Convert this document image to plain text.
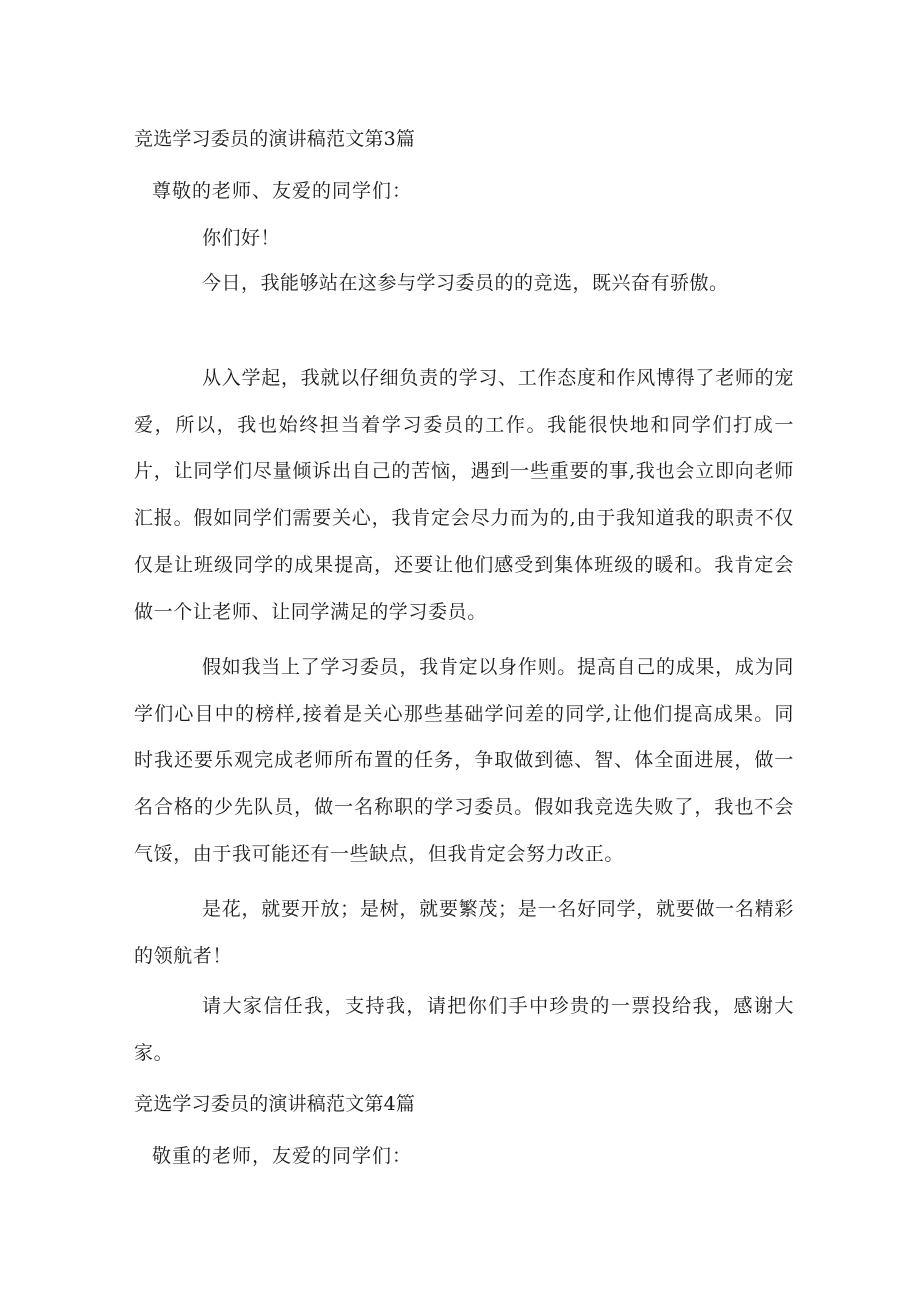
竞选学习委员的演讲稿范文第3篇
尊敬的老师、友爱的同学们：
你们好！
今日，我能够站在这参与学习委员的的竞选，既兴奋有骄傲。
从入学起，我就以仔细负责的学习、工作态度和作风博得了老师的宠爱，所以，我也始终担当着学习委员的工作。我能很快地和同学们打成一片，让同学们尽量倾诉出自己的苦恼，遇到一些重要的事,我也会立即向老师汇报。假如同学们需要关心，我肯定会尽力而为的,由于我知道我的职责不仅仅是让班级同学的成果提高，还要让他们感受到集体班级的暖和。我肯定会做一个让老师、让同学满足的学习委员。
假如我当上了学习委员，我肯定以身作则。提高自己的成果，成为同学们心目中的榜样,接着是关心那些基础学问差的同学,让他们提高成果。同时我还要乐观完成老师所布置的任务，争取做到德、智、体全面进展，做一名合格的少先队员，做一名称职的学习委员。假如我竞选失败了，我也不会气馁，由于我可能还有一些缺点，但我肯定会努力改正。
是花，就要开放；是树，就要繁茂；是一名好同学，就要做一名精彩的领航者！
请大家信任我，支持我，请把你们手中珍贵的一票投给我，感谢大家。
竞选学习委员的演讲稿范文第4篇
敬重的老师，友爱的同学们：
